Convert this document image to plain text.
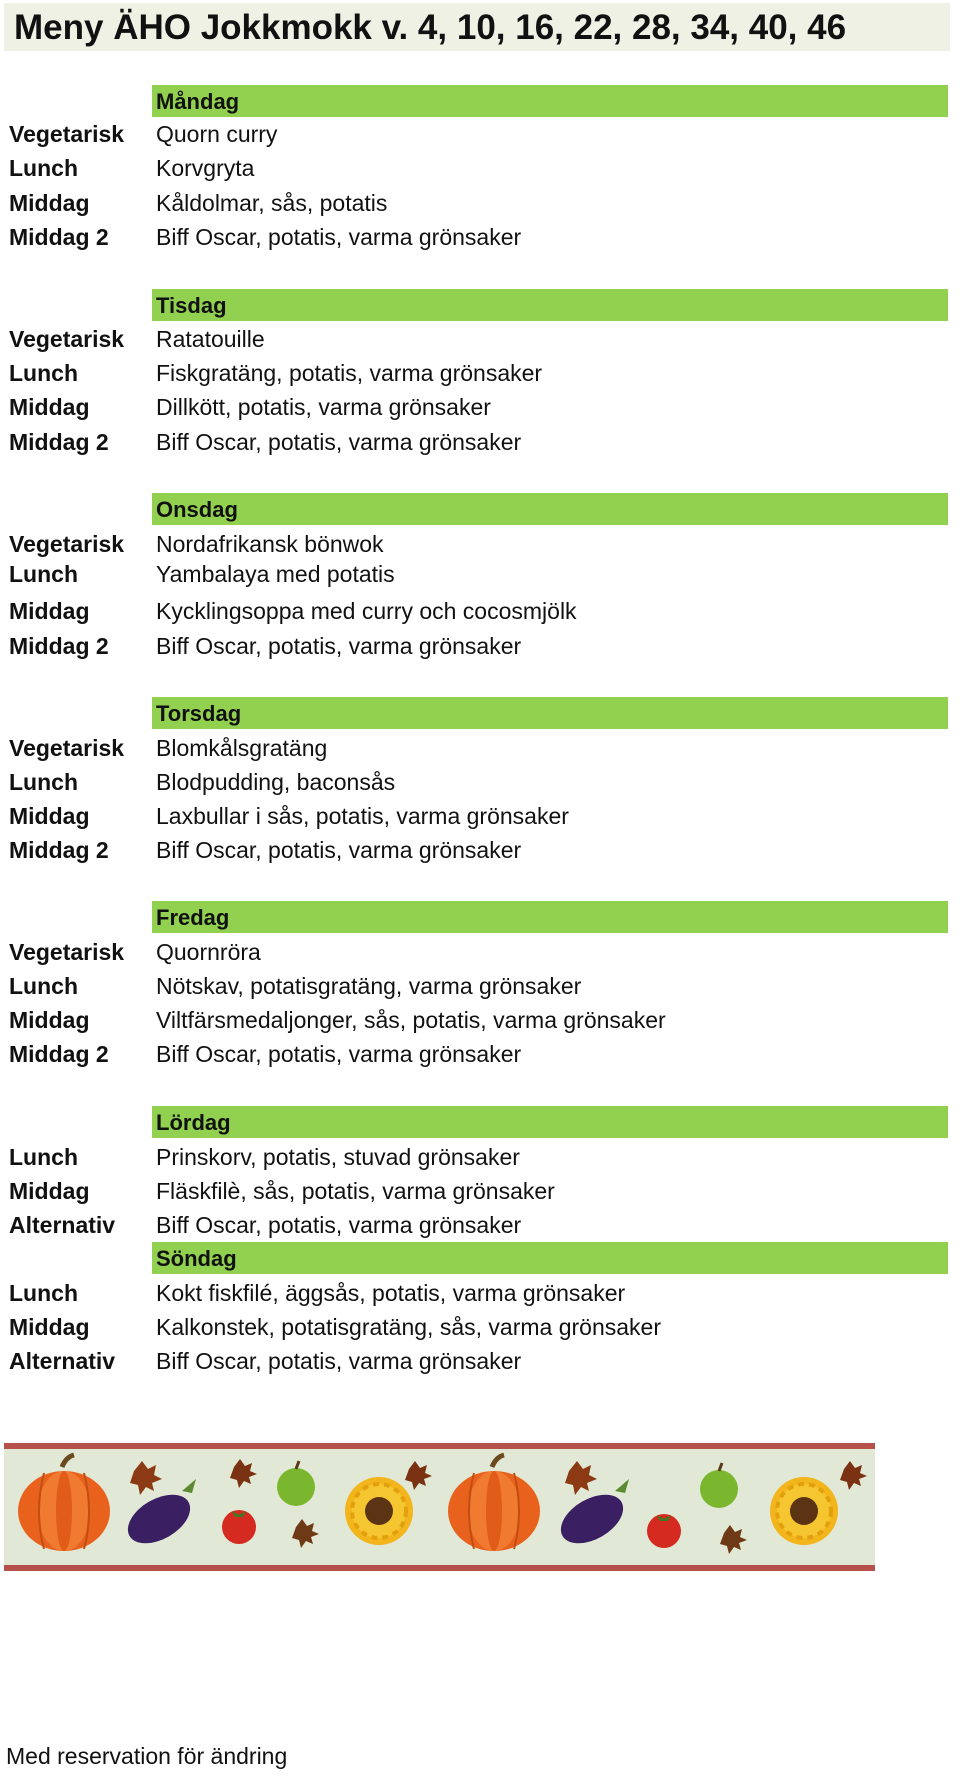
Meny ÄHO Jokkmokk v. 4, 10, 16, 22, 28, 34, 40, 46
Måndag
Vegetarisk Quorn curry
Lunch	Korvgryta
Middag	Kåldolmar, sås, potatis
Middag 2 Biff Oscar, potatis, varma grönsaker
Tisdag
Vegetarisk Ratatouille
Lunch	Fiskgratäng, potatis, varma grönsaker
Middag	Dillkött, potatis, varma grönsaker
Middag 2 Biff Oscar, potatis, varma grönsaker
Onsdag
Vegetarisk Nordafrikansk bönwok
Lunch	Yambalaya med potatis
Middag	Kycklingsoppa med curry och cocosmjölk
Middag 2 Biff Oscar, potatis, varma grönsaker
Torsdag
Vegetarisk Blomkålsgratäng
Lunch	Blodpudding, baconsås
Middag	Laxbullar i sås, potatis, varma grönsaker
Middag 2 Biff Oscar, potatis, varma grönsaker
Fredag
Vegetarisk Quornröra
Lunch	Nötskav, potatisgratäng, varma grönsaker
Middag	Viltfärsmedaljonger, sås, potatis, varma grönsaker
Middag 2 Biff Oscar, potatis, varma grönsaker
Lördag
Lunch	Prinskorv, potatis, stuvad grönsaker
Middag	Fläskfilè, sås, potatis, varma grönsaker
Alternativ Biff Oscar, potatis, varma grönsaker
Söndag
Lunch	Kokt fiskfilé, äggsås, potatis, varma grönsaker
Middag	Kalkonstek, potatisgratäng, sås, varma grönsaker
Alternativ Biff Oscar, potatis, varma grönsaker
Med reservation för ändring
